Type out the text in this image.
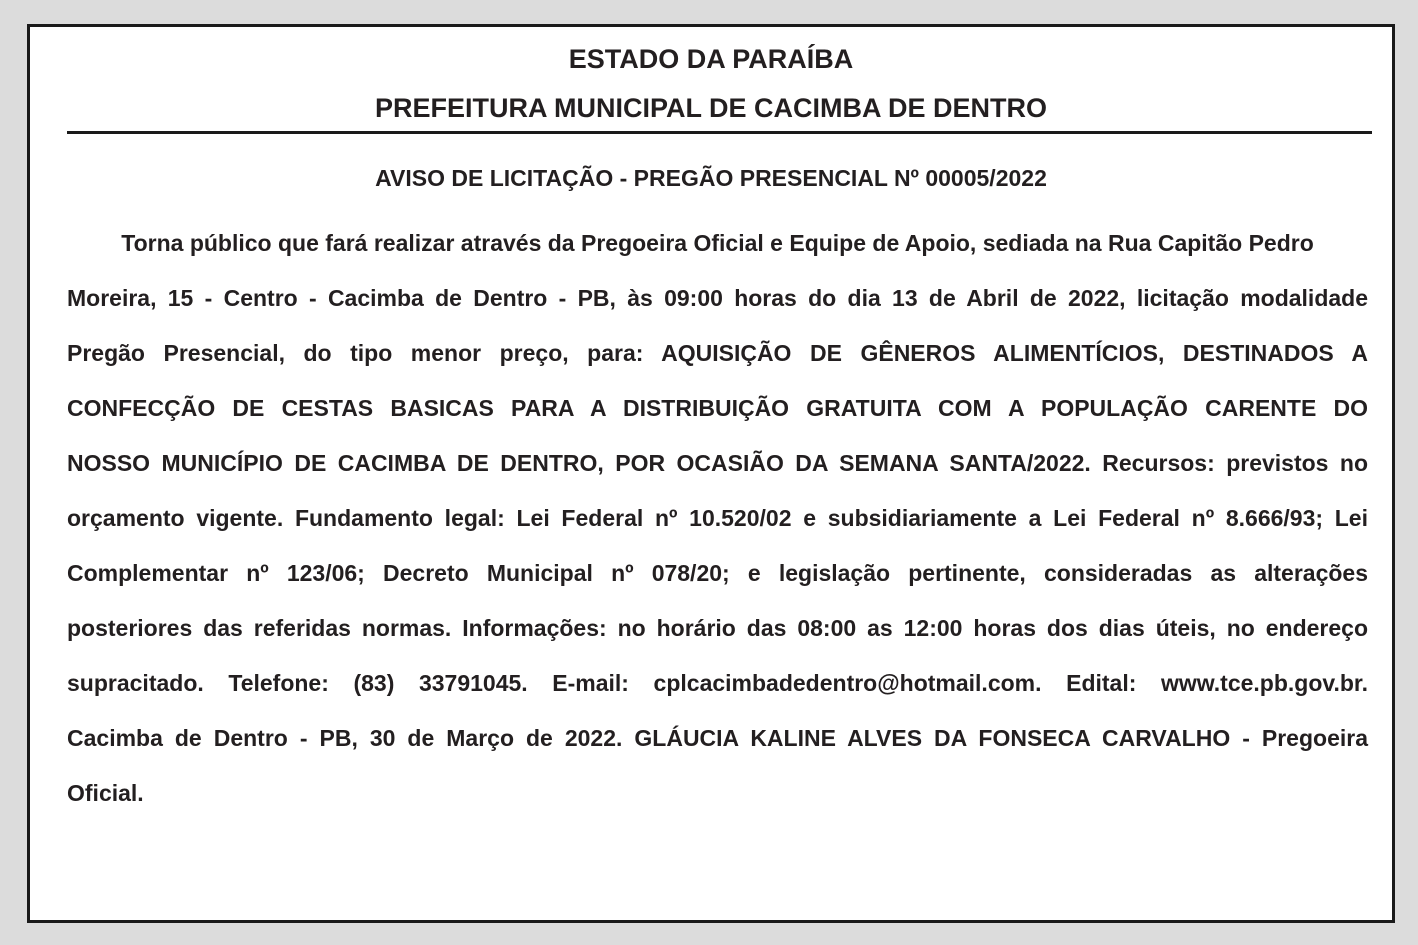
ESTADO DA PARAÍBA
PREFEITURA MUNICIPAL DE CACIMBA DE DENTRO
AVISO DE LICITAÇÃO - PREGÃO PRESENCIAL Nº 00005/2022
Torna público que fará realizar através da Pregoeira Oficial e Equipe de Apoio, sediada na Rua Capitão Pedro
Moreira, 15 - Centro - Cacimba de Dentro - PB, às 09:00 horas do dia 13 de Abril de 2022, licitação modalidade
Pregão Presencial, do tipo menor preço, para: AQUISIÇÃO DE GÊNEROS ALIMENTÍCIOS, DESTINADOS A
CONFECÇÃO DE CESTAS BASICAS PARA A DISTRIBUIÇÃO GRATUITA COM A POPULAÇÃO CARENTE DO
NOSSO MUNICÍPIO DE CACIMBA DE DENTRO, POR OCASIÃO DA SEMANA SANTA/2022. Recursos: previstos no
orçamento vigente. Fundamento legal: Lei Federal nº 10.520/02 e subsidiariamente a Lei Federal nº 8.666/93; Lei
Complementar nº 123/06; Decreto Municipal nº 078/20; e legislação pertinente, consideradas as alterações
posteriores das referidas normas. Informações: no horário das 08:00 as 12:00 horas dos dias úteis, no endereço
supracitado. Telefone: (83) 33791045. E-mail: cplcacimbadedentro@hotmail.com. Edital: www.tce.pb.gov.br.
Cacimba de Dentro - PB, 30 de Março de 2022. GLÁUCIA KALINE ALVES DA FONSECA CARVALHO - Pregoeira
Oficial.
